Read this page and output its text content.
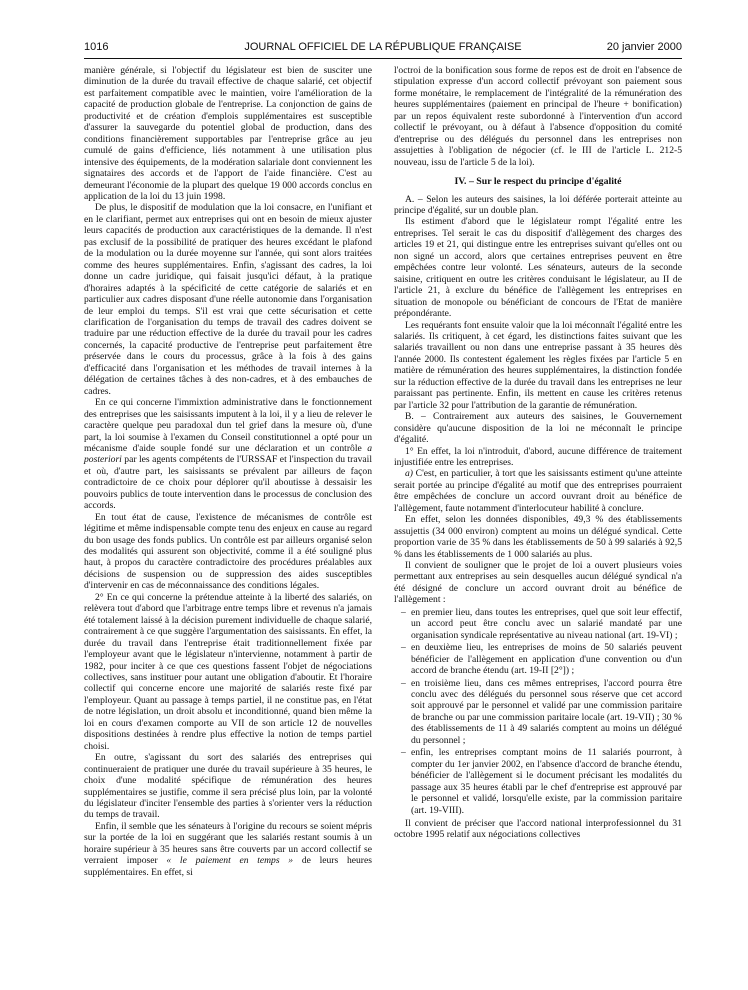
1016	JOURNAL OFFICIEL DE LA RÉPUBLIQUE FRANÇAISE	20 janvier 2000

manière générale, si l'objectif du législateur est bien de susciter une diminution de la durée du travail effective de chaque salarié, cet objectif est parfaitement compatible avec le maintien, voire l'amélioration de la capacité de production globale de l'entreprise. La conjonction de gains de productivité et de création d'emplois supplémentaires est susceptible d'assurer la sauvegarde du potentiel global de production, dans des conditions financièrement supportables par l'entreprise grâce au jeu cumulé de gains d'efficience, liés notamment à une utilisation plus intensive des équipements, de la modération salariale dont conviennent les signataires des accords et de l'apport de l'aide financière. C'est au demeurant l'économie de la plupart des quelque 19 000 accords conclus en application de la loi du 13 juin 1998.

De plus, le dispositif de modulation que la loi consacre, en l'unifiant et en le clarifiant, permet aux entreprises qui ont en besoin de mieux ajuster leurs capacités de production aux caractéristiques de la demande. Il n'est pas exclusif de la possibilité de pratiquer des heures excédant le plafond de la modulation ou la durée moyenne sur l'année, qui sont alors traitées comme des heures supplémentaires. Enfin, s'agissant des cadres, la loi donne un cadre juridique, qui faisait jusqu'ici défaut, à la pratique d'horaires adaptés à la spécificité de cette catégorie de salariés et en particulier aux cadres disposant d'une réelle autonomie dans l'organisation de leur emploi du temps. S'il est vrai que cette sécurisation et cette clarification de l'organisation du temps de travail des cadres doivent se traduire par une réduction effective de la durée du travail pour les cadres concernés, la capacité productive de l'entreprise peut parfaitement être préservée dans le cours du processus, grâce à la fois à des gains d'efficacité dans l'organisation et les méthodes de travail internes à la délégation de certaines tâches à des non-cadres, et à des embauches de cadres.

En ce qui concerne l'immixtion administrative dans le fonctionnement des entreprises que les saisissants imputent à la loi, il y a lieu de relever le caractère quelque peu paradoxal dun tel grief dans la mesure où, d'une part, la loi soumise à l'examen du Conseil constitutionnel a opté pour un mécanisme d'aide souple fondé sur une déclaration et un contrôle a posteriori par les agents compétents de l'URSSAF et l'inspection du travail et où, d'autre part, les saisissants se prévalent par ailleurs de façon contradictoire de ce choix pour déplorer qu'il aboutisse à dessaisir les pouvoirs publics de toute intervention dans le processus de conclusion des accords.

En tout état de cause, l'existence de mécanismes de contrôle est légitime et même indispensable compte tenu des enjeux en cause au regard du bon usage des fonds publics. Un contrôle est par ailleurs organisé selon des modalités qui assurent son objectivité, comme il a été souligné plus haut, à propos du caractère contradictoire des procédures préalables aux décisions de suspension ou de suppression des aides susceptibles d'intervenir en cas de méconnaissance des conditions légales.

2° En ce qui concerne la prétendue atteinte à la liberté des salariés, on relèvera tout d'abord que l'arbitrage entre temps libre et revenus n'a jamais été totalement laissé à la décision purement individuelle de chaque salarié, contrairement à ce que suggère l'argumentation des saisissants. En effet, la durée du travail dans l'entreprise était traditionnellement fixée par l'employeur avant que le législateur n'intervienne, notamment à partir de 1982, pour inciter à ce que ces questions fassent l'objet de négociations collectives, sans instituer pour autant une obligation d'aboutir. Et l'horaire collectif qui concerne encore une majorité de salariés reste fixé par l'employeur. Quant au passage à temps partiel, il ne constitue pas, en l'état de notre législation, un droit absolu et inconditionné, quand bien même la loi en cours d'examen comporte au VII de son article 12 de nouvelles dispositions destinées à rendre plus effective la notion de temps partiel choisi.

En outre, s'agissant du sort des salariés des entreprises qui continueraient de pratiquer une durée du travail supérieure à 35 heures, le choix d'une modalité spécifique de rémunération des heures supplémentaires se justifie, comme il sera précisé plus loin, par la volonté du législateur d'inciter l'ensemble des parties à s'orienter vers la réduction du temps de travail.

Enfin, il semble que les sénateurs à l'origine du recours se soient mépris sur la portée de la loi en suggérant que les salariés restant soumis à un horaire supérieur à 35 heures sans être couverts par un accord collectif se verraient imposer « le paiement en temps » de leurs heures supplémentaires. En effet, si

l'octroi de la bonification sous forme de repos est de droit en l'absence de stipulation expresse d'un accord collectif prévoyant son paiement sous forme monétaire, le remplacement de l'intégralité de la rémunération des heures supplémentaires (paiement en principal de l'heure + bonification) par un repos équivalent reste subordonné à l'intervention d'un accord collectif le prévoyant, ou à défaut à l'absence d'opposition du comité d'entreprise ou des délégués du personnel dans les entreprises non assujetties à l'obligation de négocier (cf. le III de l'article L. 212-5 nouveau, issu de l'article 5 de la loi).

IV. – Sur le respect du principe d'égalité

A. – Selon les auteurs des saisines, la loi déférée porterait atteinte au principe d'égalité, sur un double plan.

Ils estiment d'abord que le législateur rompt l'égalité entre les entreprises. Tel serait le cas du dispositif d'allègement des charges des articles 19 et 21, qui distingue entre les entreprises suivant qu'elles ont ou non signé un accord, alors que certaines entreprises peuvent en être empêchées contre leur volonté. Les sénateurs, auteurs de la seconde saisine, critiquent en outre les critères conduisant le législateur, au II de l'article 21, à exclure du bénéfice de l'allègement les entreprises en situation de monopole ou bénéficiant de concours de l'Etat de manière prépondérante.

Les requérants font ensuite valoir que la loi méconnaît l'égalité entre les salariés. Ils critiquent, à cet égard, les distinctions faites suivant que les salariés travaillent ou non dans une entreprise passant à 35 heures dès l'année 2000. Ils contestent également les règles fixées par l'article 5 en matière de rémunération des heures supplémentaires, la distinction fondée sur la réduction effective de la durée du travail dans les entreprises ne leur paraissant pas pertinente. Enfin, ils mettent en cause les critères retenus par l'article 32 pour l'attribution de la garantie de rémunération.

B. – Contrairement aux auteurs des saisines, le Gouvernement considère qu'aucune disposition de la loi ne méconnaît le principe d'égalité.

1° En effet, la loi n'introduit, d'abord, aucune différence de traitement injustifiée entre les entreprises.

a) C'est, en particulier, à tort que les saisissants estiment qu'une atteinte serait portée au principe d'égalité au motif que des entreprises pourraient être empêchées de conclure un accord ouvrant droit au bénéfice de l'allègement, faute notamment d'interlocuteur habilité à conclure.

En effet, selon les données disponibles, 49,3 % des établissements assujettis (34 000 environ) comptent au moins un délégué syndical. Cette proportion varie de 35 % dans les établissements de 50 à 99 salariés à 92,5 % dans les établissements de 1 000 salariés au plus.

Il convient de souligner que le projet de loi a ouvert plusieurs voies permettant aux entreprises au sein desquelles aucun délégué syndical n'a été désigné de conclure un accord ouvrant droit au bénéfice de l'allègement :

– en premier lieu, dans toutes les entreprises, quel que soit leur effectif, un accord peut être conclu avec un salarié mandaté par une organisation syndicale représentative au niveau national (art. 19-VI) ;
– en deuxième lieu, les entreprises de moins de 50 salariés peuvent bénéficier de l'allègement en application d'une convention ou d'un accord de branche étendu (art. 19-II [2°]) ;
– en troisième lieu, dans ces mêmes entreprises, l'accord pourra être conclu avec des délégués du personnel sous réserve que cet accord soit approuvé par le personnel et validé par une commission paritaire de branche ou par une commission paritaire locale (art. 19-VII) ; 30 % des établissements de 11 à 49 salariés comptent au moins un délégué du personnel ;
– enfin, les entreprises comptant moins de 11 salariés pourront, à compter du 1er janvier 2002, en l'absence d'accord de branche étendu, bénéficier de l'allègement si le document précisant les modalités du passage aux 35 heures établi par le chef d'entreprise est approuvé par le personnel et validé, lorsqu'elle existe, par la commission paritaire (art. 19-VIII).

Il convient de préciser que l'accord national interprofessionnel du 31 octobre 1995 relatif aux négociations collectives
